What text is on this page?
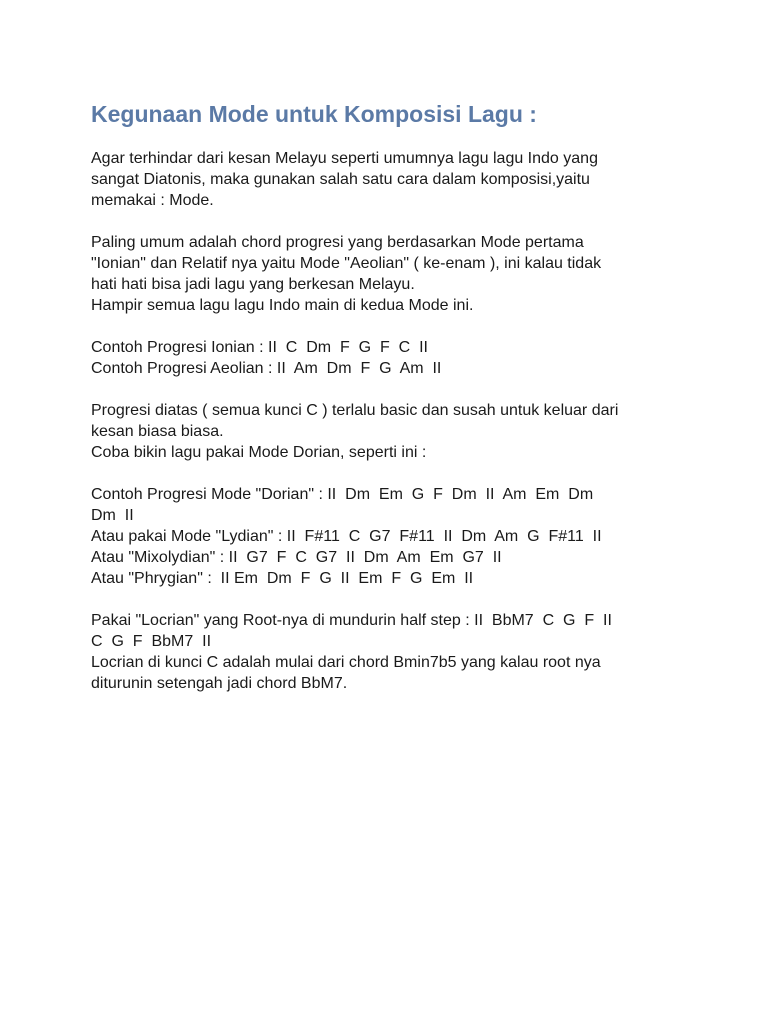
Kegunaan Mode untuk Komposisi Lagu :

Agar terhindar dari kesan Melayu seperti umumnya lagu lagu Indo yang
sangat Diatonis, maka gunakan salah satu cara dalam komposisi,yaitu
memakai : Mode.

Paling umum adalah chord progresi yang berdasarkan Mode pertama
"Ionian" dan Relatif nya yaitu Mode "Aeolian" ( ke-enam ), ini kalau tidak
hati hati bisa jadi lagu yang berkesan Melayu.
Hampir semua lagu lagu Indo main di kedua Mode ini.

Contoh Progresi Ionian : II  C  Dm  F  G  F  C  II
Contoh Progresi Aeolian : II  Am  Dm  F  G  Am  II

Progresi diatas ( semua kunci C ) terlalu basic dan susah untuk keluar dari
kesan biasa biasa.
Coba bikin lagu pakai Mode Dorian, seperti ini :

Contoh Progresi Mode "Dorian" : II  Dm  Em  G  F  Dm  II  Am  Em  Dm
Dm  II
Atau pakai Mode "Lydian" : II  F#11  C  G7  F#11  II  Dm  Am  G  F#11  II
Atau "Mixolydian" : II  G7  F  C  G7  II  Dm  Am  Em  G7  II
Atau "Phrygian" :  II Em  Dm  F  G  II  Em  F  G  Em  II

Pakai "Locrian" yang Root-nya di mundurin half step : II  BbM7  C  G  F  II
C  G  F  BbM7  II
Locrian di kunci C adalah mulai dari chord Bmin7b5 yang kalau root nya
diturunin setengah jadi chord BbM7.
